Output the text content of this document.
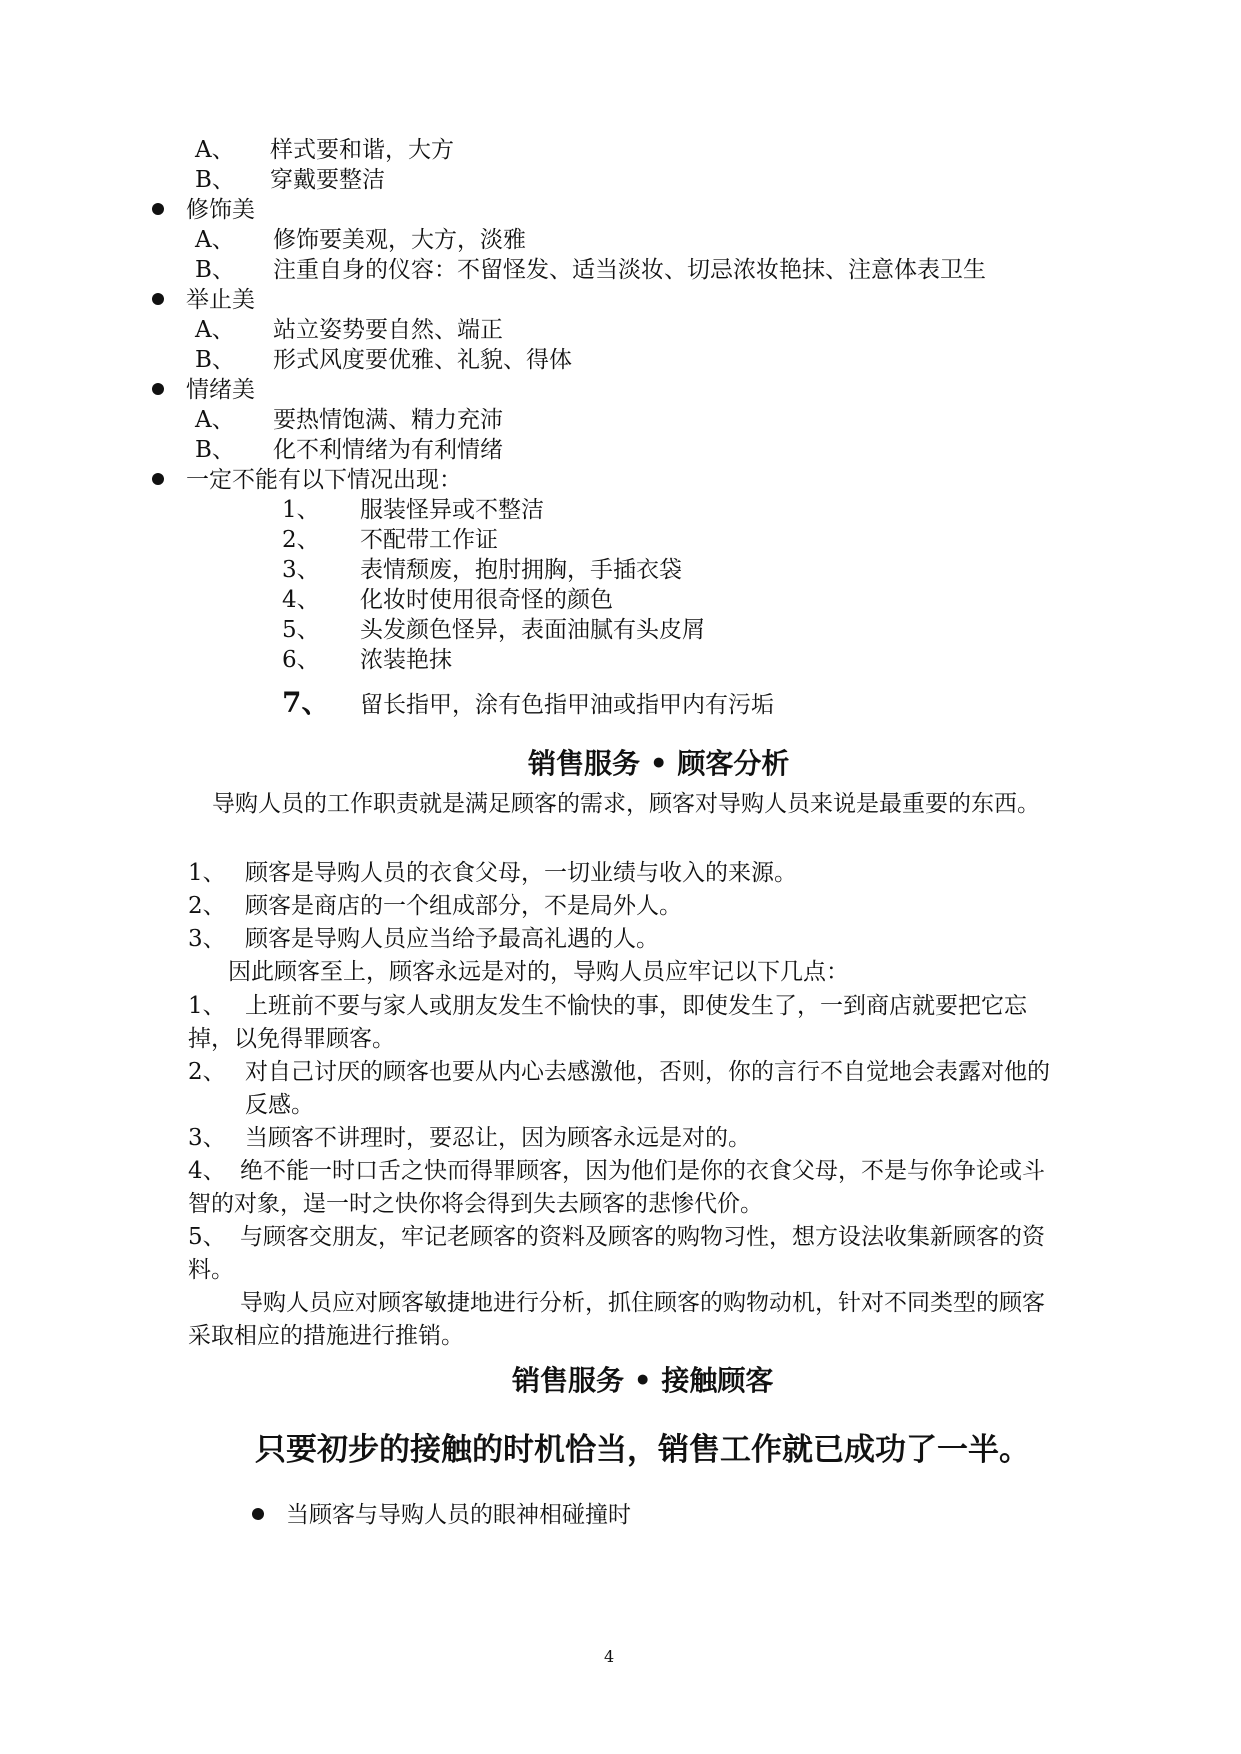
A、 样式要和谐，大方
B、 穿戴要整洁
修饰美
A、 修饰要美观，大方，淡雅
B、 注重自身的仪容：不留怪发、适当淡妆、切忌浓妆艳抹、注意体表卫生
举止美
A、 站立姿势要自然、端正
B、 形式风度要优雅、礼貌、得体
情绪美
A、 要热情饱满、精力充沛
B、 化不利情绪为有利情绪
一定不能有以下情况出现：
1、 服装怪异或不整洁
2、 不配带工作证
3、 表情颓废，抱肘拥胸，手插衣袋
4、 化妆时使用很奇怪的颜色
5、 头发颜色怪异，表面油腻有头皮屑
6、 浓装艳抹
7、 留长指甲，涂有色指甲油或指甲内有污垢
销售服务 • 顾客分析
导购人员的工作职责就是满足顾客的需求，顾客对导购人员来说是最重要的东西。
1、 顾客是导购人员的衣食父母，一切业绩与收入的来源。
2、 顾客是商店的一个组成部分，不是局外人。
3、 顾客是导购人员应当给予最高礼遇的人。
因此顾客至上，顾客永远是对的，导购人员应牢记以下几点：
1、 上班前不要与家人或朋友发生不愉快的事，即使发生了，一到商店就要把它忘掉，以免得罪顾客。
2、 对自己讨厌的顾客也要从内心去感激他，否则，你的言行不自觉地会表露对他的反感。
3、 当顾客不讲理时，要忍让，因为顾客永远是对的。
4、 绝不能一时口舌之快而得罪顾客，因为他们是你的衣食父母，不是与你争论或斗智的对象，逞一时之快你将会得到失去顾客的悲惨代价。
5、 与顾客交朋友，牢记老顾客的资料及顾客的购物习性，想方设法收集新顾客的资料。
导购人员应对顾客敏捷地进行分析，抓住顾客的购物动机，针对不同类型的顾客采取相应的措施进行推销。
销售服务 • 接触顾客
只要初步的接触的时机恰当，销售工作就已成功了一半。
当顾客与导购人员的眼神相碰撞时
4
